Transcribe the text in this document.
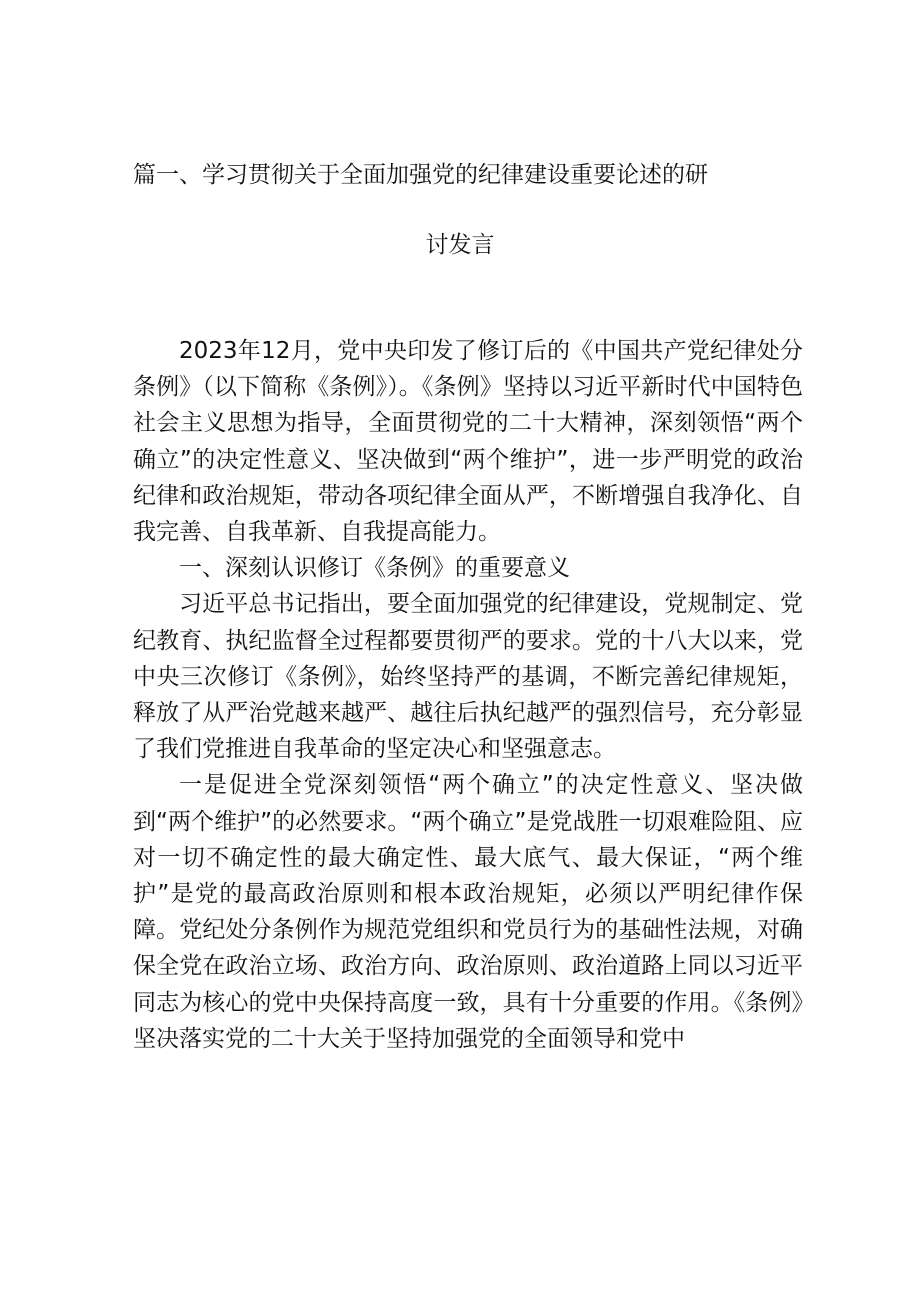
篇一、学习贯彻关于全面加强党的纪律建设重要论述的研
讨发言

2023年12月，党中央印发了修订后的《中国共产党纪律处分条例》（以下简称《条例》）。《条例》坚持以习近平新时代中国特色社会主义思想为指导，全面贯彻党的二十大精神，深刻领悟“两个确立”的决定性意义、坚决做到“两个维护”，进一步严明党的政治纪律和政治规矩，带动各项纪律全面从严，不断增强自我净化、自我完善、自我革新、自我提高能力。

一、深刻认识修订《条例》的重要意义

习近平总书记指出，要全面加强党的纪律建设，党规制定、党纪教育、执纪监督全过程都要贯彻严的要求。党的十八大以来，党中央三次修订《条例》，始终坚持严的基调，不断完善纪律规矩，释放了从严治党越来越严、越往后执纪越严的强烈信号，充分彰显了我们党推进自我革命的坚定决心和坚强意志。

一是促进全党深刻领悟“两个确立”的决定性意义、坚决做到“两个维护”的必然要求。“两个确立”是党战胜一切艰难险阻、应对一切不确定性的最大确定性、最大底气、最大保证，“两个维护”是党的最高政治原则和根本政治规矩，必须以严明纪律作保障。党纪处分条例作为规范党组织和党员行为的基础性法规，对确保全党在政治立场、政治方向、政治原则、政治道路上同以习近平同志为核心的党中央保持高度一致，具有十分重要的作用。《条例》坚决落实党的二十大关于坚持加强党的全面领导和党中
